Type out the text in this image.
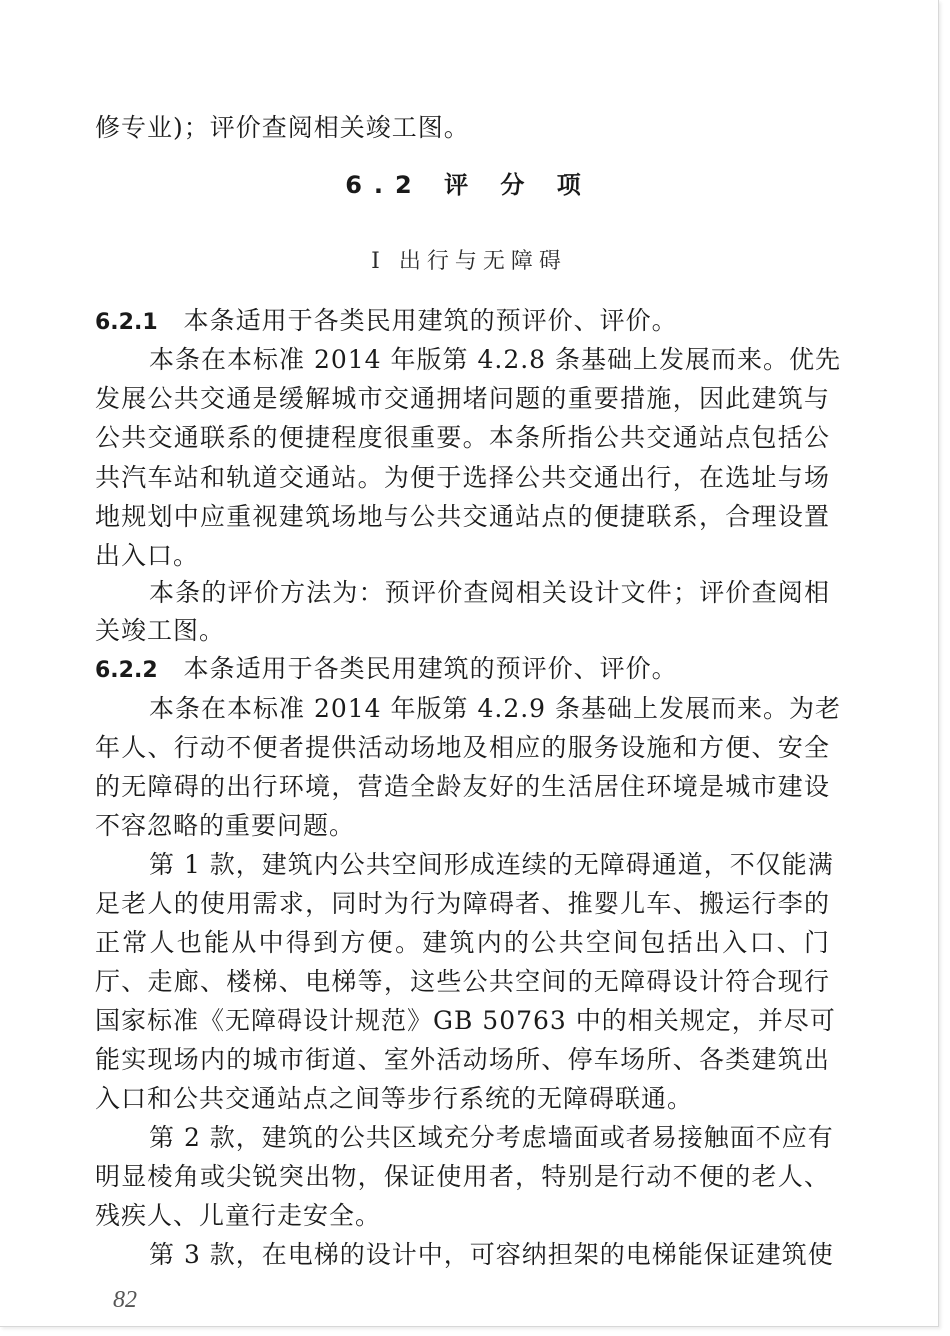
修专业)；评价查阅相关竣工图。
6.2 评 分 项
Ⅰ 出行与无障碍
6.2.1 本条适用于各类民用建筑的预评价、评价。
本条在本标准 2014 年版第 4.2.8 条基础上发展而来。优先
发展公共交通是缓解城市交通拥堵问题的重要措施，因此建筑与
公共交通联系的便捷程度很重要。本条所指公共交通站点包括公
共汽车站和轨道交通站。为便于选择公共交通出行，在选址与场
地规划中应重视建筑场地与公共交通站点的便捷联系，合理设置
出入口。
本条的评价方法为：预评价查阅相关设计文件；评价查阅相
关竣工图。
6.2.2 本条适用于各类民用建筑的预评价、评价。
本条在本标准 2014 年版第 4.2.9 条基础上发展而来。为老
年人、行动不便者提供活动场地及相应的服务设施和方便、安全
的无障碍的出行环境，营造全龄友好的生活居住环境是城市建设
不容忽略的重要问题。
第 1 款，建筑内公共空间形成连续的无障碍通道，不仅能满
足老人的使用需求，同时为行为障碍者、推婴儿车、搬运行李的
正常人也能从中得到方便。建筑内的公共空间包括出入口、门
厅、走廊、楼梯、电梯等，这些公共空间的无障碍设计符合现行
国家标准《无障碍设计规范》GB 50763 中的相关规定，并尽可
能实现场内的城市街道、室外活动场所、停车场所、各类建筑出
入口和公共交通站点之间等步行系统的无障碍联通。
第 2 款，建筑的公共区域充分考虑墙面或者易接触面不应有
明显棱角或尖锐突出物，保证使用者，特别是行动不便的老人、
残疾人、儿童行走安全。
第 3 款，在电梯的设计中，可容纳担架的电梯能保证建筑使
82
